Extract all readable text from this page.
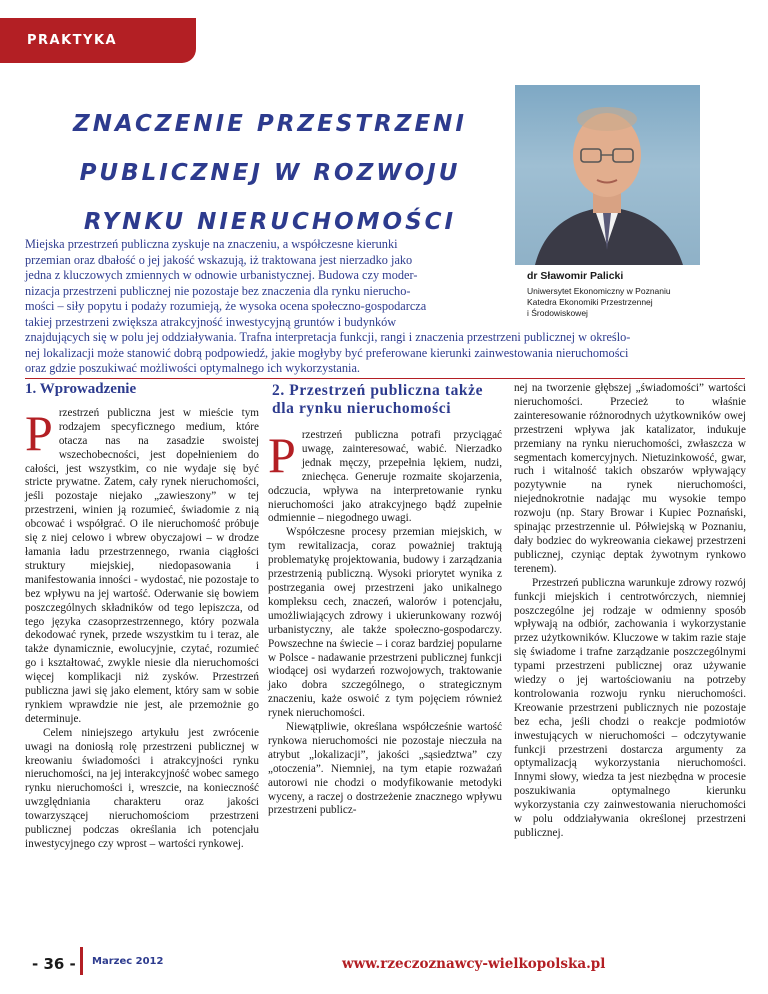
PRAKTYKA
ZNACZENIE PRZESTRZENI
PUBLICZNEJ W ROZWOJU
RYNKU NIERUCHOMOŚCI
dr Sławomir Palicki
Uniwersytet Ekonomiczny w Poznaniu
Katedra Ekonomiki Przestrzennej
i Środowiskowej
Miejska przestrzeń publiczna zyskuje na znaczeniu, a współczesne kierunki
przemian oraz dbałość o jej jakość wskazują, iż traktowana jest nierzadko jako
jedna z kluczowych zmiennych w odnowie urbanistycznej. Budowa czy moder-
nizacja przestrzeni publicznej nie pozostaje bez znaczenia dla rynku nierucho-
mości – siły popytu i podaży rozumieją, że wysoka ocena społeczno-gospodarcza
takiej przestrzeni zwiększa atrakcyjność inwestycyjną gruntów i budynków
znajdujących się w polu jej oddziaływania. Trafna interpretacja funkcji, rangi i znaczenia przestrzeni publicznej w określo-
nej lokalizacji może stanowić dobrą podpowiedź, jakie mogłyby być preferowane kierunki zainwestowania nieruchomości
oraz gdzie poszukiwać możliwości optymalnego ich wykorzystania.
1. Wprowadzenie

Przestrzeń publiczna jest w mieście tym rodzajem specyficznego medium, które otacza nas na zasadzie swoistej wszechobecności, jest dopełnieniem do całości, jest wszystkim, co nie wydaje się być stricte prywatne. Zatem, cały rynek nieruchomości, jeśli pozostaje niejako „zawieszony” w tej przestrzeni, winien ją rozumieć, świadomie z nią obcować i współgrać. O ile nieruchomość próbuje się z niej celowo i wbrew obyczajowi – w drodze łamania ładu przestrzennego, rwania ciągłości struktury miejskiej, niedopasowania i manifestowania inności - wydostać, nie pozostaje to bez wpływu na jej wartość. Oderwanie się bowiem poszczególnych składników od tego lepiszcza, od tego języka czasoprzestrzennego, który pozwala dekodować rynek, przede wszystkim tu i teraz, ale także dynamicznie, ewolucyjnie, czytać, rozumieć go i kształtować, zwykle niesie dla nieruchomości więcej komplikacji niż zysków. Przestrzeń publiczna jawi się jako element, który sam w sobie rynkiem wprawdzie nie jest, ale przemożnie go determinuje.

Celem niniejszego artykułu jest zwrócenie uwagi na doniosłą rolę przestrzeni publicznej w kreowaniu świadomości i atrakcyjności rynku nieruchomości, na jej interakcyjność wobec samego rynku nieruchomości i, wreszcie, na konieczność uwzględniania charakteru oraz jakości towarzyszącej nieruchomościom przestrzeni publicznej podczas określania ich potencjału inwestycyjnego czy wprost – wartości rynkowej.

2. Przestrzeń publiczna także dla rynku nieruchomości

Przestrzeń publiczna potrafi przyciągać uwagę, zainteresować, wabić. Nierzadko jednak męczy, przepełnia lękiem, nudzi, zniechęca. Generuje rozmaite skojarzenia, odczucia, wpływa na interpretowanie rynku nieruchomości jako atrakcyjnego bądź zupełnie odmiennie – niegodnego uwagi.

Współczesne procesy przemian miejskich, w tym rewitalizacja, coraz poważniej traktują problematykę projektowania, budowy i zarządzania przestrzenią publiczną. Wysoki priorytet wynika z postrzegania owej przestrzeni jako unikalnego kompleksu cech, znaczeń, walorów i potencjału, umożliwiających zdrowy i ukierunkowany rozwój urbanistyczny, ale także społeczno-gospodarczy. Powszechne na świecie – i coraz bardziej popularne w Polsce - nadawanie przestrzeni publicznej funkcji wiodącej osi wydarzeń rozwojowych, traktowanie jako dobra szczególnego, o strategicznym znaczeniu, każe oswoić z tym pojęciem również rynek nieruchomości.

Niewątpliwie, określana współcześnie wartość rynkowa nieruchomości nie pozostaje nieczuła na atrybut „lokalizacji”, jakości „sąsiedztwa” czy „otoczenia”. Niemniej, na tym etapie rozważań autorowi nie chodzi o modyfikowanie metodyki wyceny, a raczej o dostrzeżenie znacznego wpływu przestrzeni publicz-

nej na tworzenie głębszej „świadomości” wartości nieruchomości. Przecież to właśnie zainteresowanie różnorodnych użytkowników owej przestrzeni wpływa jak katalizator, indukuje przemiany na rynku nieruchomości, zwłaszcza w segmentach komercyjnych. Nietuzinkowość, gwar, ruch i witalność takich obszarów wpływający pozytywnie na rynek nieruchomości, niejednokrotnie nadając mu wysokie tempo rozwoju (np. Stary Browar i Kupiec Poznański, spinając przestrzennie ul. Półwiejską w Poznaniu, dały bodziec do wykreowania ciekawej przestrzeni publicznej, czyniąc deptak żywotnym rynkowo terenem).

Przestrzeń publiczna warunkuje zdrowy rozwój funkcji miejskich i centrotwórczych, niemniej poszczególne jej rodzaje w odmienny sposób wpływają na odbiór, zachowania i wykorzystanie przez użytkowników. Kluczowe w takim razie staje się świadome i trafne zarządzanie poszczególnymi typami przestrzeni publicznej oraz używanie wiedzy o jej wartościowaniu na potrzeby kontrolowania rozwoju rynku nieruchomości. Kreowanie przestrzeni publicznych nie pozostaje bez echa, jeśli chodzi o reakcje podmiotów inwestujących w nieruchomości – odczytywanie funkcji przestrzeni dostarcza argumenty za optymalizacją wykorzystania nieruchomości. Innymi słowy, wiedza ta jest niezbędna w procesie poszukiwania optymalnego kierunku wykorzystania czy zainwestowania nieruchomości w polu oddziaływania określonej przestrzeni publicznej.

- 36 - Marzec 2012	www.rzeczoznawcy-wielkopolska.pl
